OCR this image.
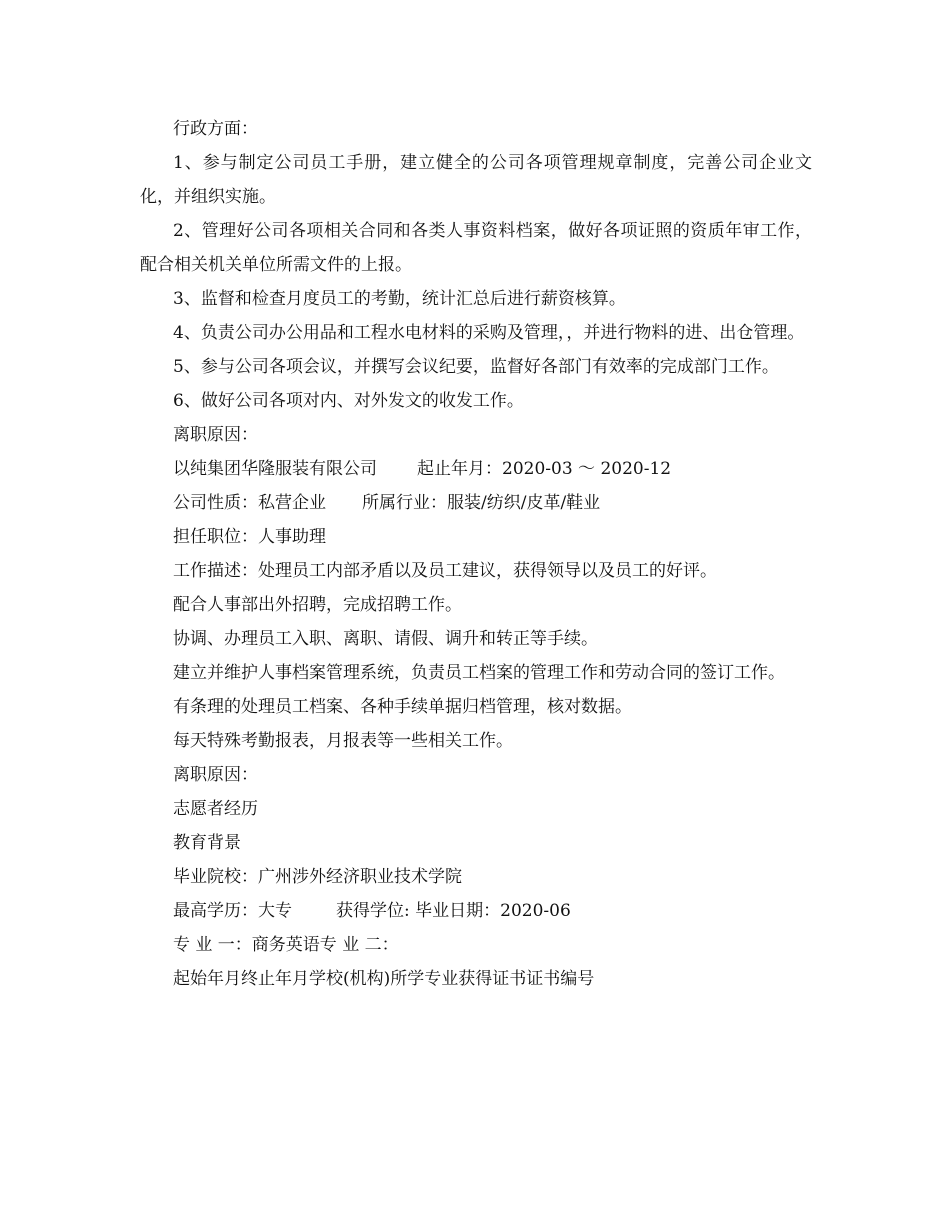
行政方面：

1、参与制定公司员工手册，建立健全的公司各项管理规章制度，完善公司企业文化，并组织实施。

2、管理好公司各项相关合同和各类人事资料档案，做好各项证照的资质年审工作，配合相关机关单位所需文件的上报。

3、监督和检查月度员工的考勤，统计汇总后进行薪资核算。

4、负责公司办公用品和工程水电材料的采购及管理，，并进行物料的进、出仓管理。

5、参与公司各项会议，并撰写会议纪要，监督好各部门有效率的完成部门工作。

6、做好公司各项对内、对外发文的收发工作。

离职原因：

以纯集团华隆服装有限公司 起止年月：2020-03 ～ 2020-12

公司性质：私营企业 所属行业：服装/纺织/皮革/鞋业

担任职位：人事助理

工作描述：处理员工内部矛盾以及员工建议，获得领导以及员工的好评。

配合人事部出外招聘，完成招聘工作。

协调、办理员工入职、离职、请假、调升和转正等手续。

建立并维护人事档案管理系统，负责员工档案的管理工作和劳动合同的签订工作。

有条理的处理员工档案、各种手续单据归档管理，核对数据。

每天特殊考勤报表，月报表等一些相关工作。

离职原因：

志愿者经历

教育背景

毕业院校：广州涉外经济职业技术学院

最高学历：大专	获得学位: 毕业日期：2020-06

专 业 一：商务英语专 业 二：

起始年月终止年月学校(机构)所学专业获得证书证书编号
